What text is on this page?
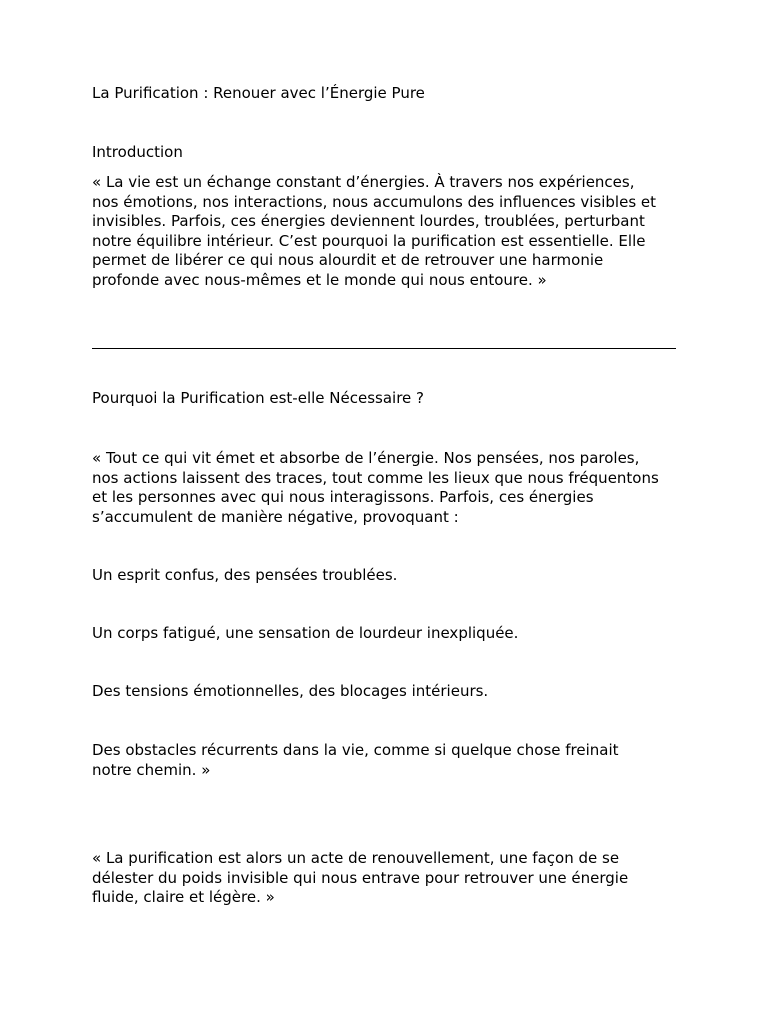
La Purification : Renouer avec l’Énergie Pure

Introduction

« La vie est un échange constant d’énergies. À travers nos expériences,
nos émotions, nos interactions, nous accumulons des influences visibles et
invisibles. Parfois, ces énergies deviennent lourdes, troublées, perturbant
notre équilibre intérieur. C’est pourquoi la purification est essentielle. Elle
permet de libérer ce qui nous alourdit et de retrouver une harmonie
profonde avec nous-mêmes et le monde qui nous entoure. »

Pourquoi la Purification est-elle Nécessaire ?

« Tout ce qui vit émet et absorbe de l’énergie. Nos pensées, nos paroles,
nos actions laissent des traces, tout comme les lieux que nous fréquentons
et les personnes avec qui nous interagissons. Parfois, ces énergies
s’accumulent de manière négative, provoquant :

Un esprit confus, des pensées troublées.

Un corps fatigué, une sensation de lourdeur inexpliquée.

Des tensions émotionnelles, des blocages intérieurs.

Des obstacles récurrents dans la vie, comme si quelque chose freinait
notre chemin. »

« La purification est alors un acte de renouvellement, une façon de se
délester du poids invisible qui nous entrave pour retrouver une énergie
fluide, claire et légère. »
